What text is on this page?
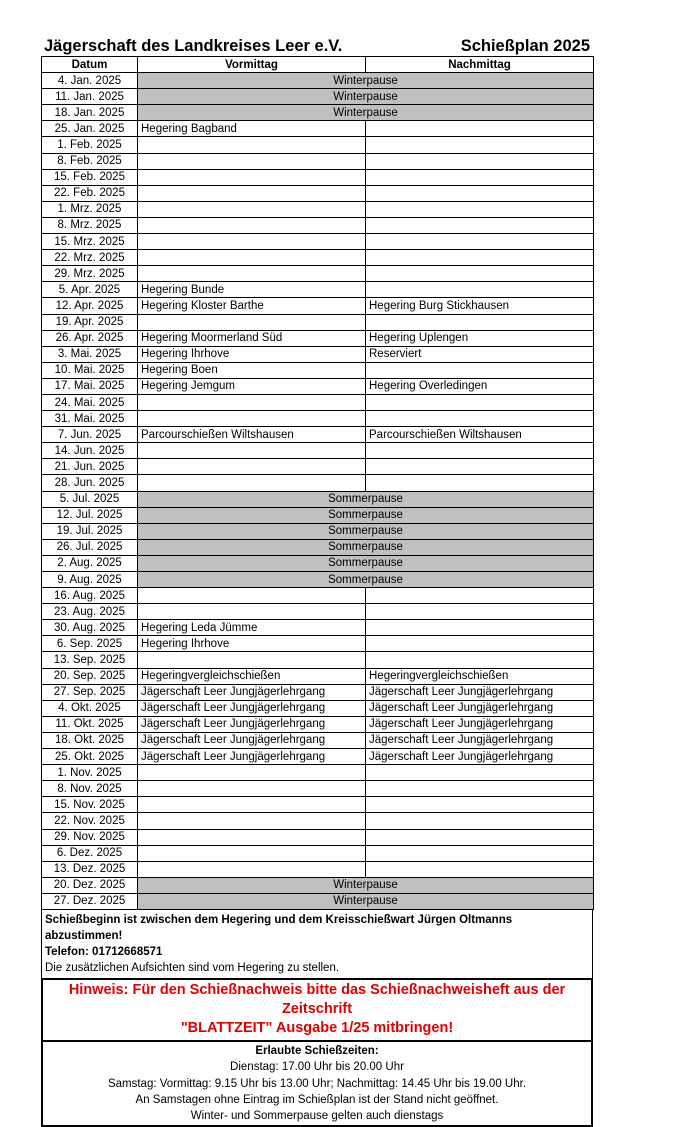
Jägerschaft des Landkreises Leer e.V.	Schießplan 2025
Datum	Vormittag	Nachmittag
4. Jan. 2025	Winterpause	
11. Jan. 2025	Winterpause	
18. Jan. 2025	Winterpause	
25. Jan. 2025	Hegering Bagband	
1. Feb. 2025		
8. Feb. 2025		
15. Feb. 2025		
22. Feb. 2025		
1. Mrz. 2025		
8. Mrz. 2025		
15. Mrz. 2025		
22. Mrz. 2025		
29. Mrz. 2025		
5. Apr. 2025	Hegering Bunde	
12. Apr. 2025	Hegering Kloster Barthe	Hegering Burg Stickhausen
19. Apr. 2025		
26. Apr. 2025	Hegering Moormerland Süd	Hegering Uplengen
3. Mai. 2025	Hegering Ihrhove	Reserviert
10. Mai. 2025	Hegering Boen	
17. Mai. 2025	Hegering Jemgum	Hegering Overledingen
24. Mai. 2025		
31. Mai. 2025		
7. Jun. 2025	Parcourschießen Wiltshausen	Parcourschießen Wiltshausen
14. Jun. 2025		
21. Jun. 2025		
28. Jun. 2025		
5. Jul. 2025	Sommerpause	
12. Jul. 2025	Sommerpause	
19. Jul. 2025	Sommerpause	
26. Jul. 2025	Sommerpause	
2. Aug. 2025	Sommerpause	
9. Aug. 2025	Sommerpause	
16. Aug. 2025		
23. Aug. 2025		
30. Aug. 2025	Hegering Leda Jümme	
6. Sep. 2025	Hegering Ihrhove	
13. Sep. 2025		
20. Sep. 2025	Hegeringvergleichschießen	Hegeringvergleichschießen
27. Sep. 2025	Jägerschaft Leer Jungjägerlehrgang	Jägerschaft Leer Jungjägerlehrgang
4. Okt. 2025	Jägerschaft Leer Jungjägerlehrgang	Jägerschaft Leer Jungjägerlehrgang
11. Okt. 2025	Jägerschaft Leer Jungjägerlehrgang	Jägerschaft Leer Jungjägerlehrgang
18. Okt. 2025	Jägerschaft Leer Jungjägerlehrgang	Jägerschaft Leer Jungjägerlehrgang
25. Okt. 2025	Jägerschaft Leer Jungjägerlehrgang	Jägerschaft Leer Jungjägerlehrgang
1. Nov. 2025		
8. Nov. 2025		
15. Nov. 2025		
22. Nov. 2025		
29. Nov. 2025		
6. Dez. 2025		
13. Dez. 2025		
20. Dez. 2025	Winterpause	
27. Dez. 2025	Winterpause	
Schießbeginn ist zwischen dem Hegering und dem Kreisschießwart Jürgen Oltmanns abzustimmen!
Telefon: 01712668571
Die zusätzlichen Aufsichten sind vom Hegering zu stellen.
Hinweis: Für den Schießnachweis bitte das Schießnachweisheft aus der Zeitschrift
"BLATTZEIT" Ausgabe 1/25 mitbringen!
Erlaubte Schießzeiten:
Dienstag: 17.00 Uhr bis 20.00 Uhr
Samstag: Vormittag: 9.15 Uhr bis 13.00 Uhr; Nachmittag: 14.45 Uhr bis 19.00 Uhr.
An Samstagen ohne Eintrag im Schießplan ist der Stand nicht geöffnet.
Winter- und Sommerpause gelten auch dienstags
